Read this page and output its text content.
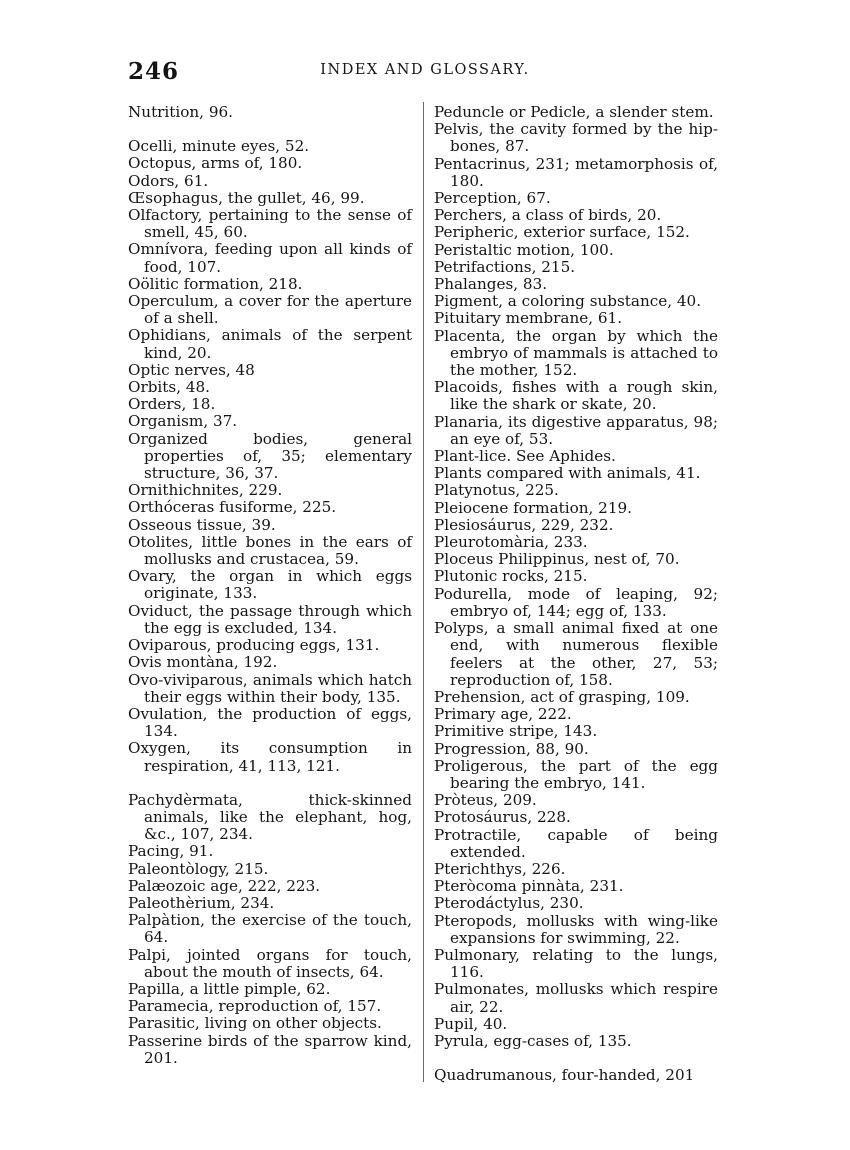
246	INDEX AND GLOSSARY.

Nutrition, 96.

Ocelli, minute eyes, 52.

Octopus, arms of, 180.

Odors, 61.

Œsophagus, the gullet, 46, 99.

Olfactory, pertaining to the sense of smell, 45, 60.

Omnívora, feeding upon all kinds of food, 107.

Oölitic formation, 218.

Operculum, a cover for the aperture of a shell.

Ophidians, animals of the serpent kind, 20.

Optic nerves, 48

Orbits, 48.

Orders, 18.

Organism, 37.

Organized bodies, general properties of, 35; elementary structure, 36, 37.

Ornithichnites, 229.

Orthóceras fusiforme, 225.

Osseous tissue, 39.

Otolites, little bones in the ears of mollusks and crustacea, 59.

Ovary, the organ in which eggs originate, 133.

Oviduct, the passage through which the egg is excluded, 134.

Oviparous, producing eggs, 131.

Ovis montàna, 192.

Ovo-viviparous, animals which hatch their eggs within their body, 135.

Ovulation, the production of eggs, 134.

Oxygen, its consumption in respiration, 41, 113, 121.

Pachydèrmata, thick-skinned animals, like the elephant, hog, &c., 107, 234.

Pacing, 91.

Paleontòlogy, 215.

Palæozoic age, 222, 223.

Paleothèrium, 234.

Palpàtion, the exercise of the touch, 64.

Palpi, jointed organs for touch, about the mouth of insects, 64.

Papilla, a little pimple, 62.

Paramecia, reproduction of, 157.

Parasitic, living on other objects.

Passerine birds of the sparrow kind, 201.

Peduncle or Pedicle, a slender stem.

Pelvis, the cavity formed by the hip-bones, 87.

Pentacrinus, 231; metamorphosis of, 180.

Perception, 67.

Perchers, a class of birds, 20.

Peripheric, exterior surface, 152.

Peristaltic motion, 100.

Petrifactions, 215.

Phalanges, 83.

Pigment, a coloring substance, 40.

Pituitary membrane, 61.

Placenta, the organ by which the embryo of mammals is attached to the mother, 152.

Placoids, fishes with a rough skin, like the shark or skate, 20.

Planaria, its digestive apparatus, 98; an eye of, 53.

Plant-lice. See Aphides.

Plants compared with animals, 41.

Platynotus, 225.

Pleiocene formation, 219.

Plesiosáurus, 229, 232.

Pleurotomària, 233.

Ploceus Philippinus, nest of, 70.

Plutonic rocks, 215.

Podurella, mode of leaping, 92; embryo of, 144; egg of, 133.

Polyps, a small animal fixed at one end, with numerous flexible feelers at the other, 27, 53; reproduction of, 158.

Prehension, act of grasping, 109.

Primary age, 222.

Primitive stripe, 143.

Progression, 88, 90.

Proligerous, the part of the egg bearing the embryo, 141.

Pròteus, 209.

Protosáurus, 228.

Protractile, capable of being extended.

Pterichthys, 226.

Pteròcoma pinnàta, 231.

Pterodáctylus, 230.

Pteropods, mollusks with wing-like expansions for swimming, 22.

Pulmonary, relating to the lungs, 116.

Pulmonates, mollusks which respire air, 22.

Pupil, 40.

Pyrula, egg-cases of, 135.

Quadrumanous, four-handed, 201
